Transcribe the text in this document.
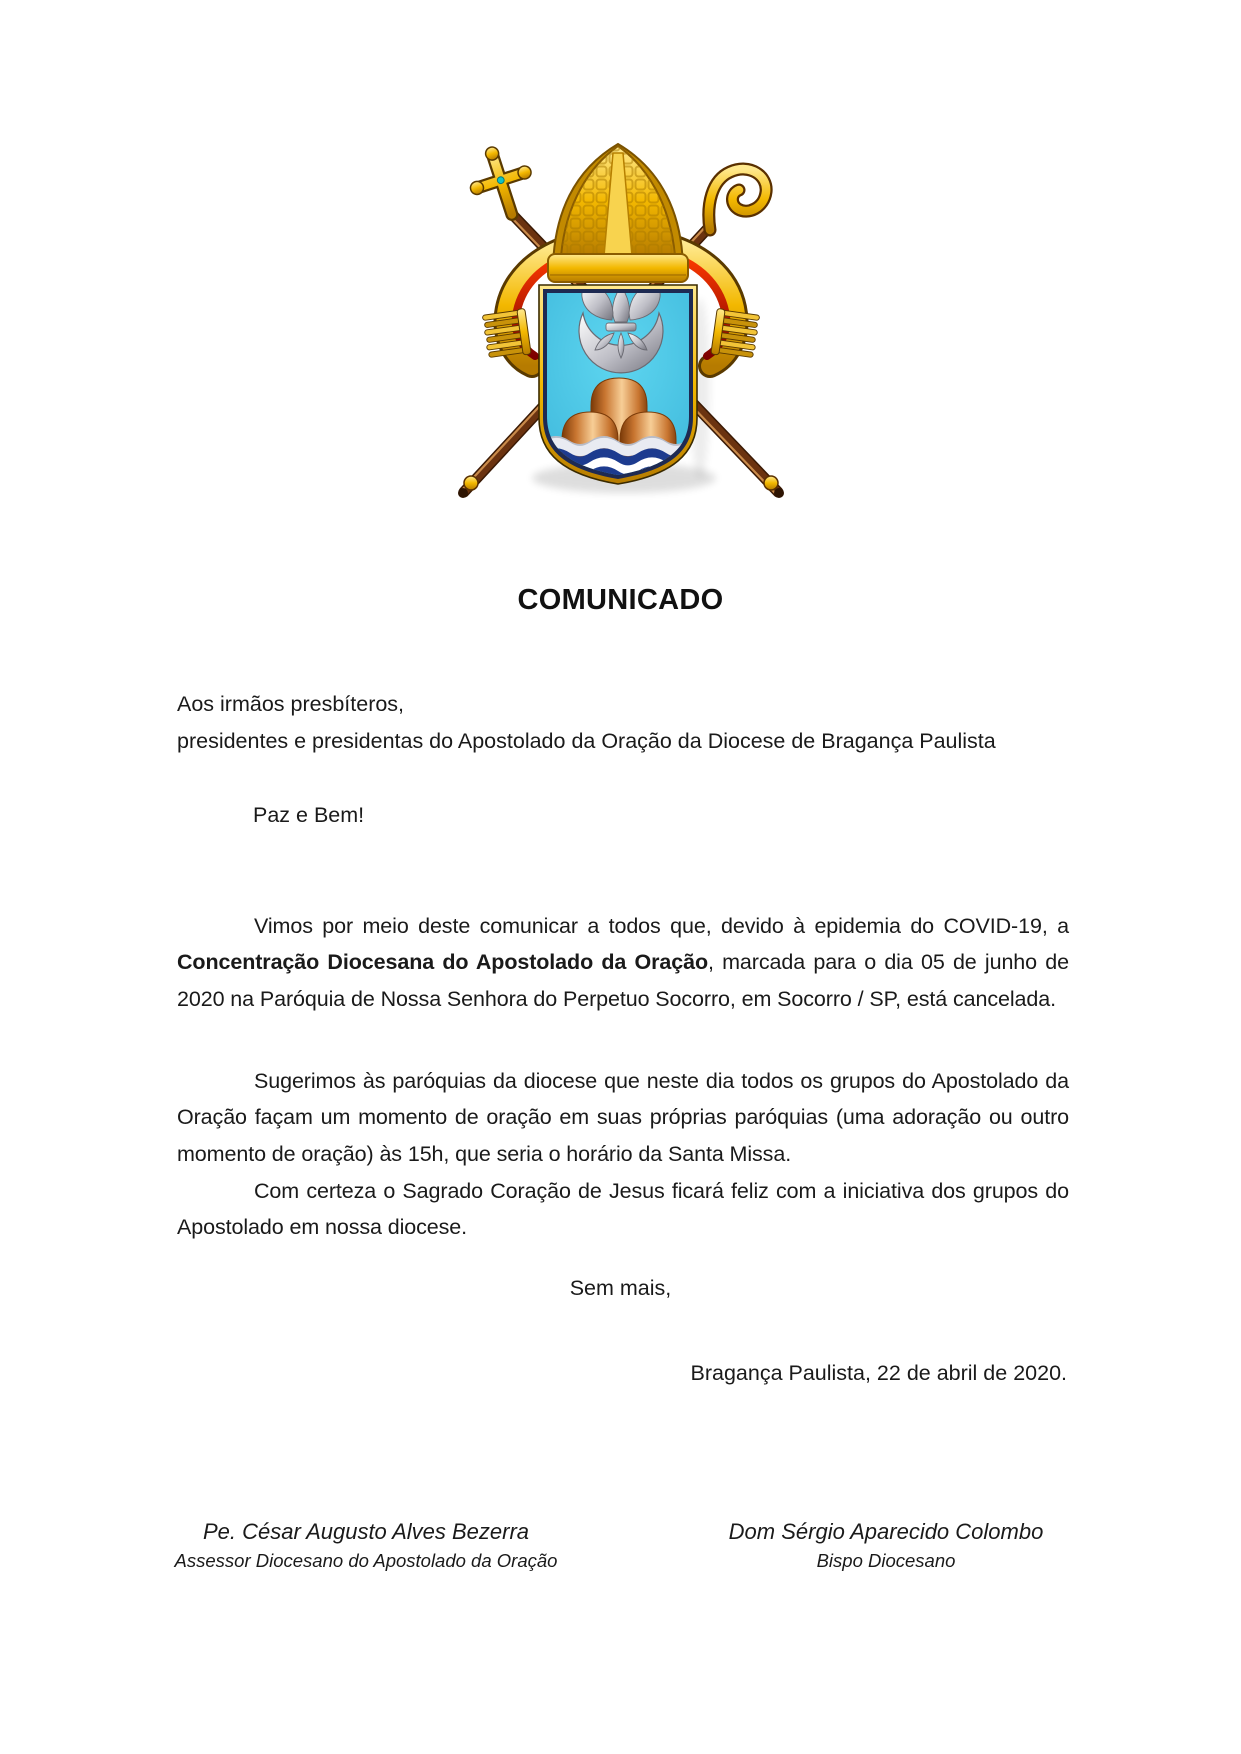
COMUNICADO
Aos irmãos presbíteros,
presidentes e presidentas do Apostolado da Oração da Diocese de Bragança Paulista
Paz e Bem!

Vimos por meio deste comunicar a todos que, devido à epidemia do COVID-19, a Concentração Diocesana do Apostolado da Oração, marcada para o dia 05 de junho de 2020 na Paróquia de Nossa Senhora do Perpetuo Socorro, em Socorro / SP, está cancelada.

Sugerimos às paróquias da diocese que neste dia todos os grupos do Apostolado da Oração façam um momento de oração em suas próprias paróquias (uma adoração ou outro momento de oração) às 15h, que seria o horário da Santa Missa.

Com certeza o Sagrado Coração de Jesus ficará feliz com a iniciativa dos grupos do Apostolado em nossa diocese.

Sem mais,
Bragança Paulista, 22 de abril de 2020.
Pe. César Augusto Alves Bezerra
Assessor Diocesano do Apostolado da Oração
Dom Sérgio Aparecido Colombo
Bispo Diocesano
